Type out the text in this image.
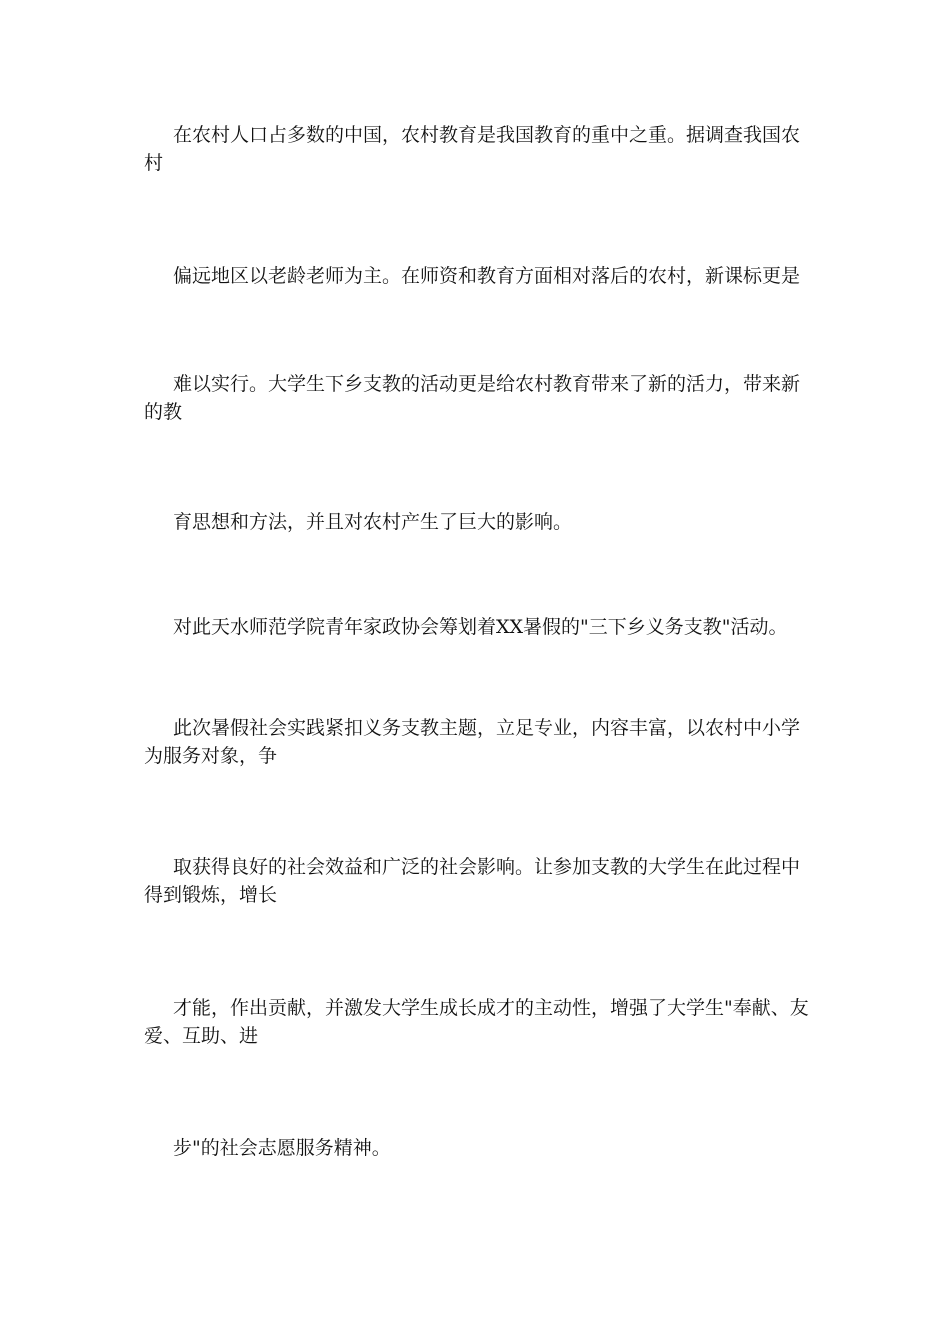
在农村人口占多数的中国，农村教育是我国教育的重中之重。据调查我国农村

偏远地区以老龄老师为主。在师资和教育方面相对落后的农村，新课标更是

难以实行。大学生下乡支教的活动更是给农村教育带来了新的活力，带来新的教

育思想和方法，并且对农村产生了巨大的影响。

对此天水师范学院青年家政协会筹划着XX暑假的"三下乡义务支教"活动。

此次暑假社会实践紧扣义务支教主题，立足专业，内容丰富，以农村中小学为服务对象，争

取获得良好的社会效益和广泛的社会影响。让参加支教的大学生在此过程中得到锻炼，增长

才能，作出贡献，并激发大学生成长成才的主动性，增强了大学生"奉献、友爱、互助、进

步"的社会志愿服务精神。
